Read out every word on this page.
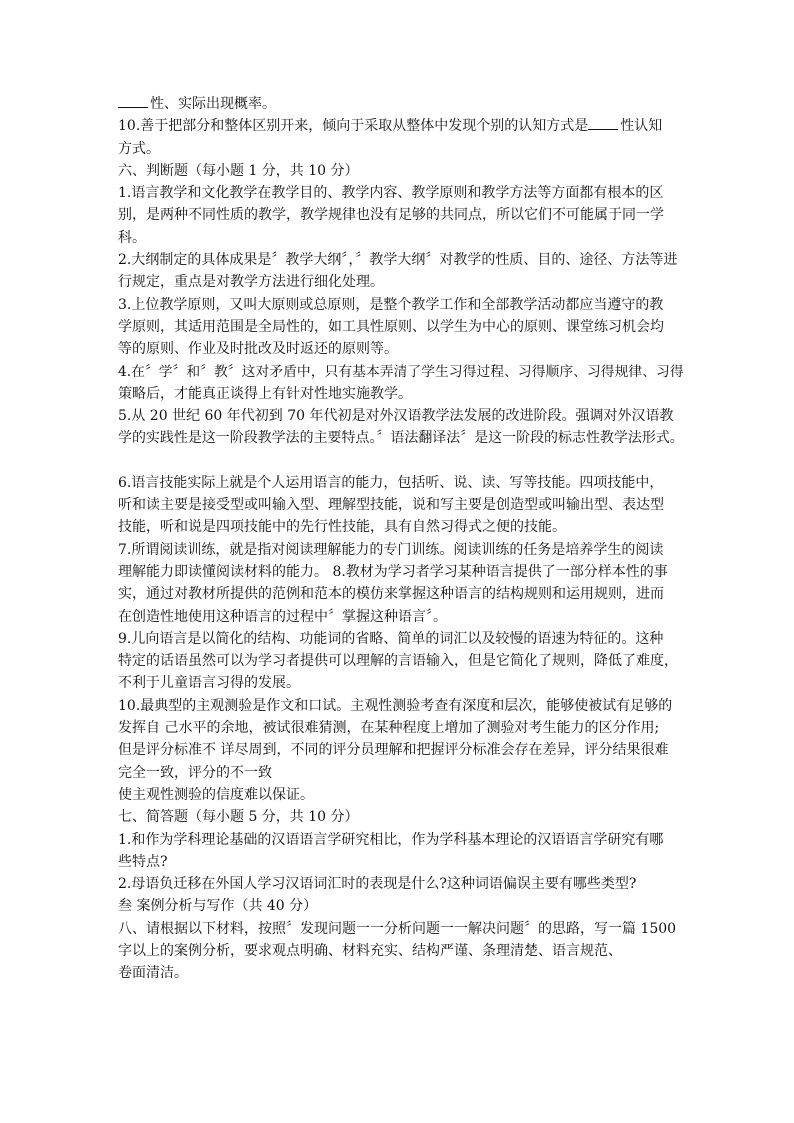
性、实际出现概率。
10.善于把部分和整体区别开来，倾向于采取从整体中发现个别的认知方式是 性认知
方式。
六、判断题（每小题 1 分，共 10 分）
1.语言教学和文化教学在教学目的、教学内容、教学原则和教学方法等方面都有根本的区
别，是两种不同性质的教学，教学规律也没有足够的共同点，所以它们不可能属于同一学
科。
2.大纲制定的具体成果是〞教学大纲〞，〞教学大纲〞对教学的性质、目的、途径、方法等进
行规定，重点是对教学方法进行细化处理。
3.上位教学原则，又叫大原则或总原则，是整个教学工作和全部教学活动都应当遵守的教
学原则，其适用范围是全局性的，如工具性原则、以学生为中心的原则、课堂练习机会均
等的原则、作业及时批改及时返还的原则等。
4.在〞学〞和〞教〞这对矛盾中，只有基本弄清了学生习得过程、习得顺序、习得规律、习得
策略后，才能真正谈得上有针对性地实施教学。
5.从 20 世纪 60 年代初到 70 年代初是对外汉语教学法发展的改进阶段。强调对外汉语教
学的实践性是这一阶段教学法的主要特点。〞语法翻译法〞是这一阶段的标志性教学法形式。
6.语言技能实际上就是个人运用语言的能力，包括听、说、读、写等技能。四项技能中，
听和读主要是接受型或叫输入型、理解型技能，说和写主要是创造型或叫输出型、表达型
技能，听和说是四项技能中的先行性技能，具有自然习得式之便的技能。
7.所谓阅读训练，就是指对阅读理解能力的专门训练。阅读训练的任务是培养学生的阅读
理解能力即读懂阅读材料的能力。 8.教材为学习者学习某种语言提供了一部分样本性的事
实，通过对教材所提供的范例和范本的模仿来掌握这种语言的结构规则和运用规则，进而
在创造性地使用这种语言的过程中〞掌握这种语言〞。
9.儿向语言是以简化的结构、功能词的省略、简单的词汇以及较慢的语速为特征的。这种
特定的话语虽然可以为学习者提供可以理解的言语输入，但是它简化了规则，降低了难度，
不利于儿童语言习得的发展。
10.最典型的主观测验是作文和口试。主观性测验考查有深度和层次，能够使被试有足够的
发挥自 己水平的余地，被试很难猜测，在某种程度上增加了测验对考生能力的区分作用;
但是评分标准不 详尽周到，不同的评分员理解和把握评分标准会存在差异，评分结果很难
完全一致，评分的不一致
使主观性测验的信度难以保证。
七、简答题（每小题 5 分，共 10 分）
1.和作为学科理论基础的汉语语言学研究相比，作为学科基本理论的汉语语言学研究有哪
些特点?
2.母语负迁移在外国人学习汉语词汇时的表现是什么?这种词语偏误主要有哪些类型?
叁 案例分析与写作（共 40 分）
八、请根据以下材料，按照〞发现问题一一分析问题一一解决问题〞的思路，写一篇 1500
字以上的案例分析，要求观点明确、材料充实、结构严谨、条理清楚、语言规范、
卷面清洁。
